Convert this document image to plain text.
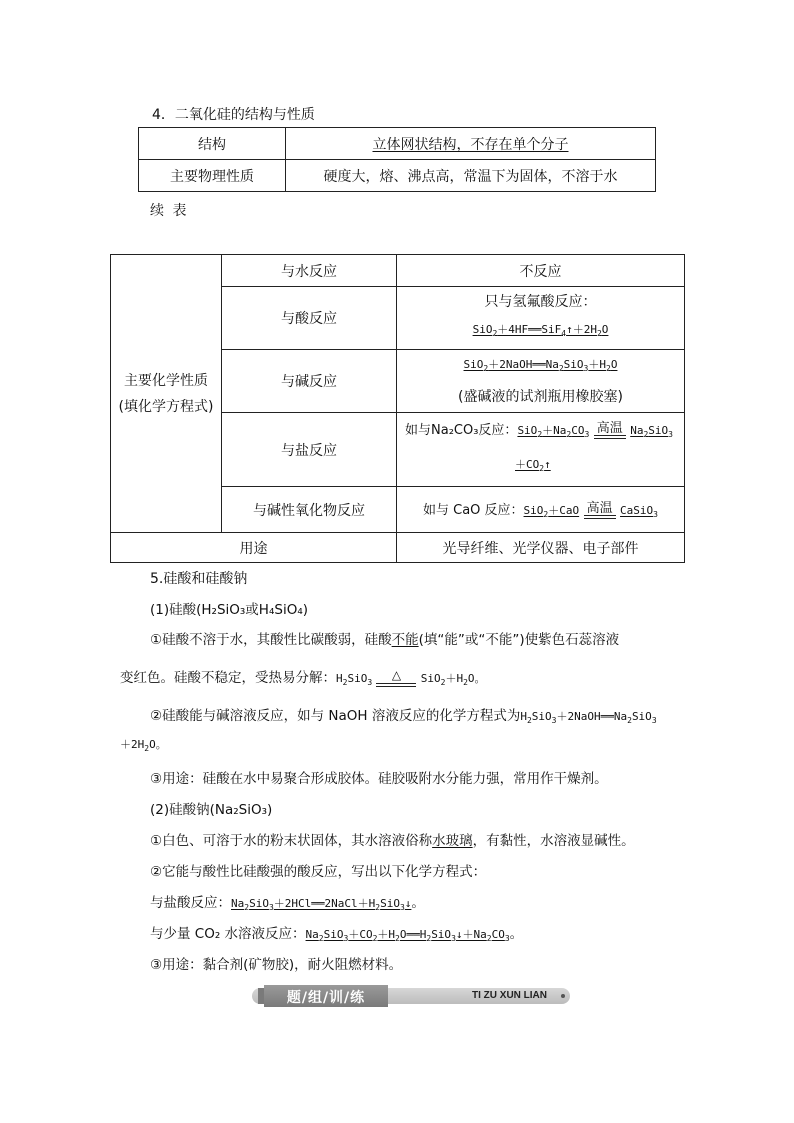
4．二氧化硅的结构与性质
结构	立体网状结构，不存在单个分子
主要物理性质	硬度大，熔、沸点高，常温下为固体，不溶于水
续 表
主要化学性质
(填化学方程式)	与水反应	不反应
	与酸反应	只与氢氟酸反应：
$SiO_2+4HF══SiF_4↑+2H_2O$

	与碱反应	$SiO_2+2NaOH══Na_2SiO_3+H_2O$
(盛碱液的试剂瓶用橡胶塞)

	与盐反应	如与Na₂CO₃反应：$SiO_2+Na_2CO_3$ 高温 $Na_2SiO_3$
$+CO_2↑$

	与碱性氧化物反应	如与 CaO 反应：SiO$_2$＋CaO 高温 CaSiO$_3$
用途		光导纤维、光学仪器、电子部件
5.硅酸和硅酸钠
(1)硅酸(H₂SiO₃或H₄SiO₄)
①硅酸不溶于水，其酸性比碳酸弱，硅酸不能(填“能”或“不能”)使紫色石蕊溶液
变红色。硅酸不稳定，受热易分解：$H_2SiO_3$ △ $SiO_2+H_2O$。
②硅酸能与碱溶液反应，如与 NaOH 溶液反应的化学方程式为$H_2SiO_3+2NaOH══Na_2SiO_3$
$+2H_2O$。
③用途：硅酸在水中易聚合形成胶体。硅胶吸附水分能力强，常用作干燥剂。
(2)硅酸钠(Na₂SiO₃)
①白色、可溶于水的粉末状固体，其水溶液俗称水玻璃，有黏性，水溶液显碱性。
②它能与酸性比硅酸强的酸反应，写出以下化学方程式：
与盐酸反应：$Na_2SiO_3+2HCl══2NaCl+H_2SiO_3↓$。
与少量 CO₂ 水溶液反应：$Na_2SiO_3+CO_2+H_2O══H_2SiO_3↓+Na_2CO_3$。
③用途：黏合剂(矿物胶)，耐火阻燃材料。
题/组/训/练	TI ZU XUN LIAN
